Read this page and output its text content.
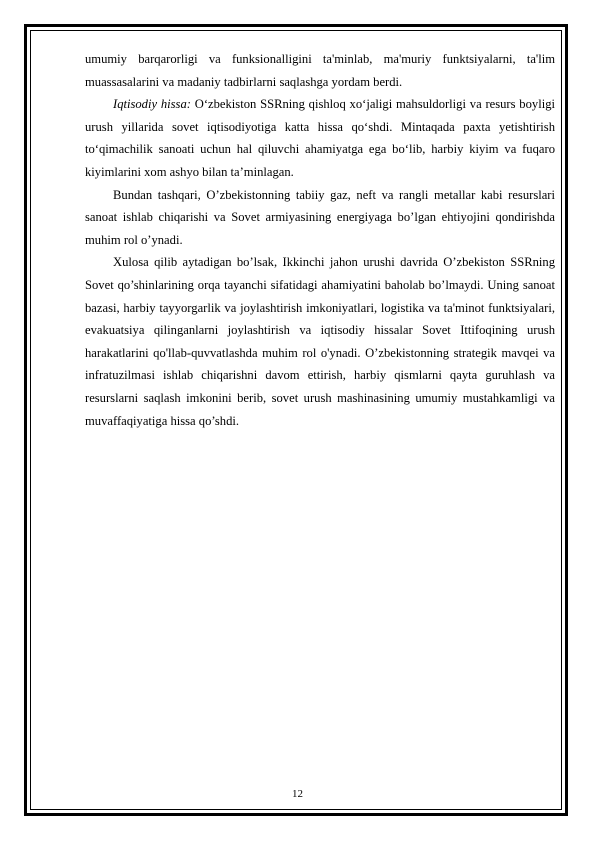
umumiy barqarorligi va funksionalligini ta'minlab, ma'muriy funktsiyalarni, ta'lim muassasalarini va madaniy tadbirlarni saqlashga yordam berdi.

Iqtisodiy hissa: O‘zbekiston SSRning qishloq xo‘jaligi mahsuldorligi va resurs boyligi urush yillarida sovet iqtisodiyotiga katta hissa qo‘shdi. Mintaqada paxta yetishtirish to‘qimachilik sanoati uchun hal qiluvchi ahamiyatga ega bo‘lib, harbiy kiyim va fuqaro kiyimlarini xom ashyo bilan ta’minlagan.

Bundan tashqari, O’zbekistonning tabiiy gaz, neft va rangli metallar kabi resurslari sanoat ishlab chiqarishi va Sovet armiyasining energiyaga bo’lgan ehtiyojini qondirishda muhim rol o’ynadi.

Xulosa qilib aytadigan bo’lsak, Ikkinchi jahon urushi davrida O’zbekiston SSRning Sovet qo’shinlarining orqa tayanchi sifatidagi ahamiyatini baholab bo’lmaydi. Uning sanoat bazasi, harbiy tayyorgarlik va joylashtirish imkoniyatlari, logistika va ta'minot funktsiyalari, evakuatsiya qilinganlarni joylashtirish va iqtisodiy hissalar Sovet Ittifoqining urush harakatlarini qo'llab-quvvatlashda muhim rol o'ynadi. O’zbekistonning strategik mavqei va infratuzilmasi ishlab chiqarishni davom ettirish, harbiy qismlarni qayta guruhlash va resurslarni saqlash imkonini berib, sovet urush mashinasining umumiy mustahkamligi va muvaffaqiyatiga hissa qo’shdi.

12
